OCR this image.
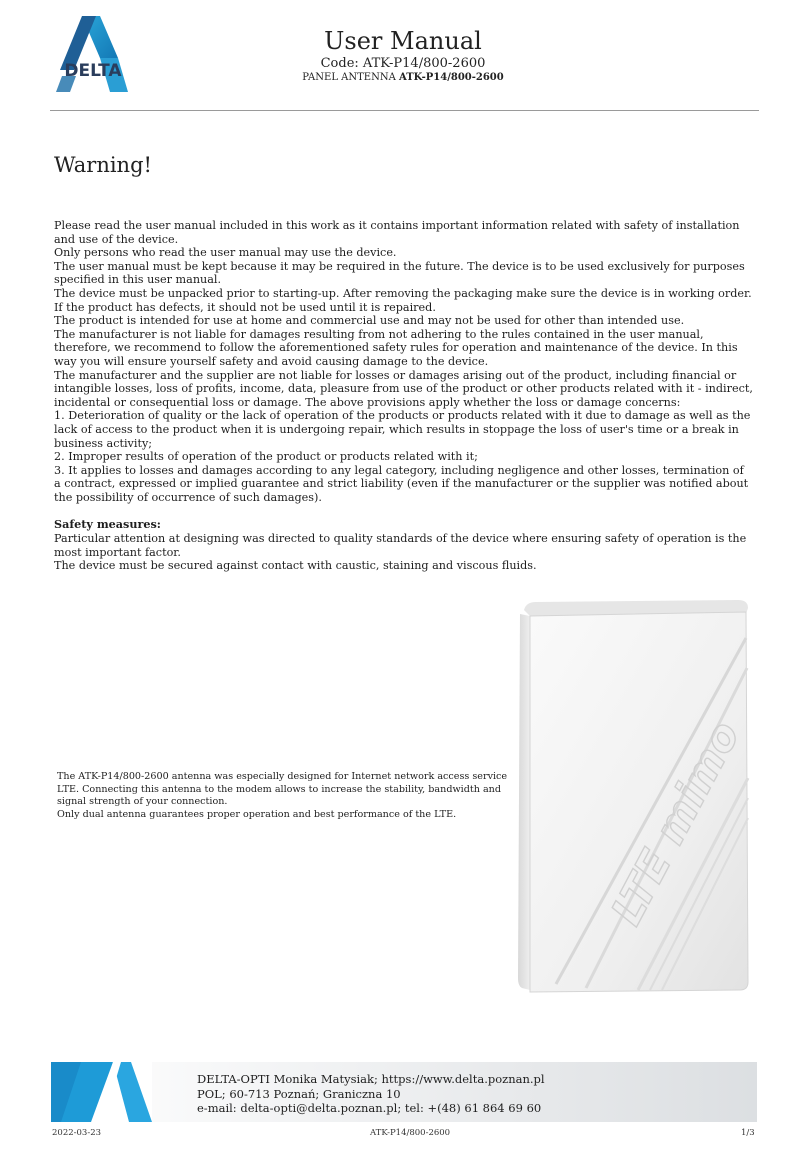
DELTA
User Manual
Code: ATK-P14/800-2600
PANEL ANTENNA ATK-P14/800-2600
Warning!

Please read the user manual included in this work as it contains important information related with safety of installation and use of the device.

Only persons who read the user manual may use the device.

The user manual must be kept because it may be required in the future. The device is to be used exclusively for purposes specified in this user manual.

The device must be unpacked prior to starting-up. After removing the packaging make sure the device is in working order.

If the product has defects, it should not be used until it is repaired.

The product is intended for use at home and commercial use and may not be used for other than intended use.

The manufacturer is not liable for damages resulting from not adhering to the rules contained in the user manual, therefore, we recommend to follow the aforementioned safety rules for operation and maintenance of the device. In this way you will ensure yourself safety and avoid causing damage to the device.

The manufacturer and the supplier are not liable for losses or damages arising out of the product, including financial or intangible losses, loss of profits, income, data, pleasure from use of the product or other products related with it - indirect, incidental or consequential loss or damage. The above provisions apply whether the loss or damage concerns:

1. Deterioration of quality or the lack of operation of the products or products related with it due to damage as well as the lack of access to the product when it is undergoing repair, which results in stoppage the loss of user's time or a break in business activity;

2. Improper results of operation of the product or products related with it;

3. It applies to losses and damages according to any legal category, including negligence and other losses, termination of a contract, expressed or implied guarantee and strict liability (even if the manufacturer or the supplier was notified about the possibility of occurrence of such damages).

Safety measures:

Particular attention at designing was directed to quality standards of the device where ensuring safety of operation is the most important factor.

The device must be secured against contact with caustic, staining and viscous fluids.

The ATK-P14/800-2600 antenna was especially designed for Internet network access service LTE. Connecting this antenna to the modem allows to increase the stability, bandwidth and signal strength of your connection.

Only dual antenna guarantees proper operation and best performance of the LTE.	LTE mimo
DELTA-OPTI Monika Matysiak; https://www.delta.poznan.pl
POL; 60-713 Poznań; Graniczna 10
e-mail: delta-opti@delta.poznan.pl; tel: +(48) 61 864 69 60
2022-03-23	ATK-P14/800-2600	1/3
